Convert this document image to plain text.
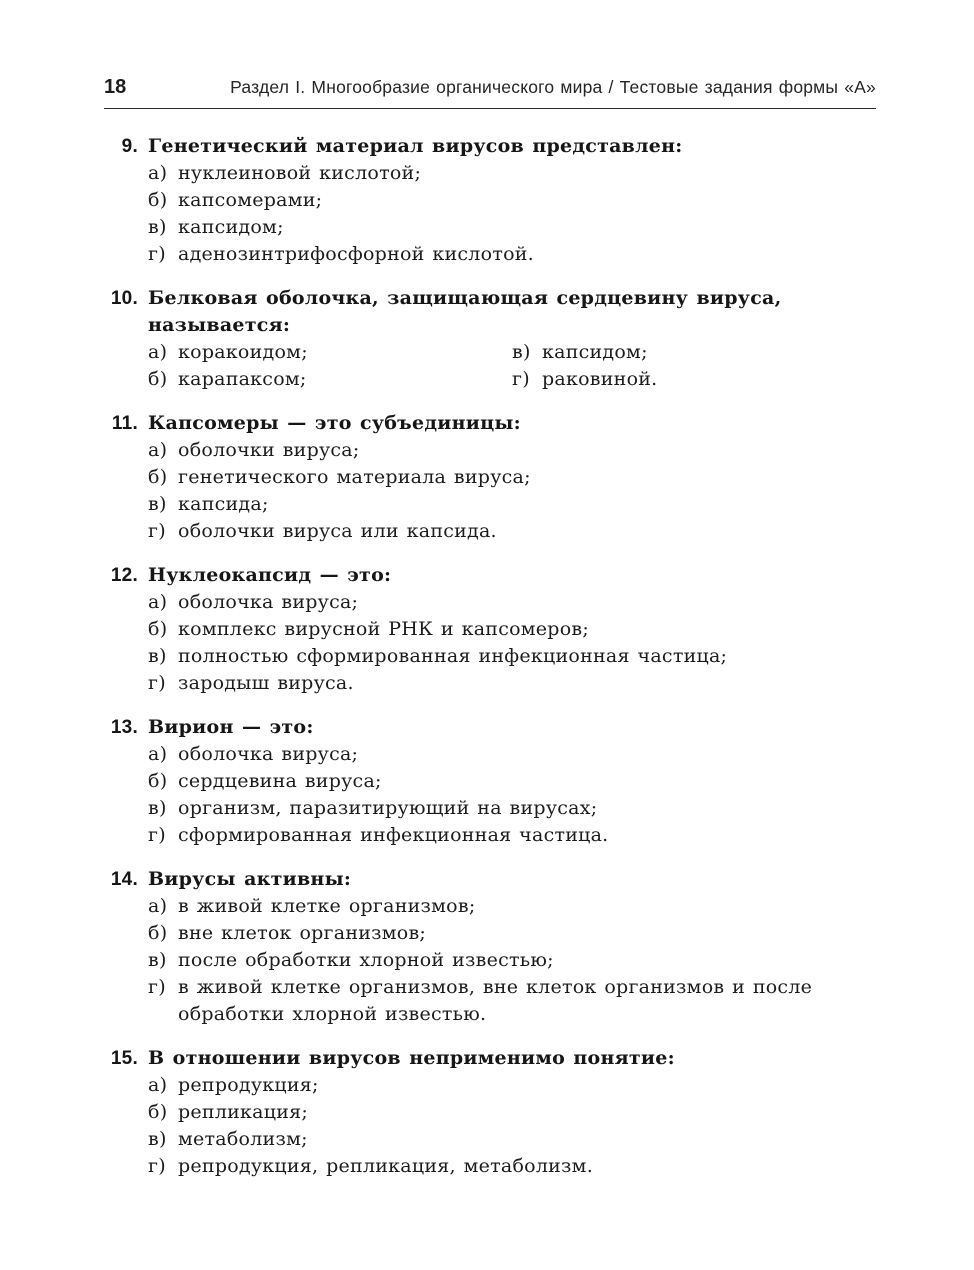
18	Раздел I. Многообразие органического мира / Тестовые задания формы «А»
9. Генетический материал вирусов представлен:

а) нуклеиновой кислотой;
б) капсомерами;
в) капсидом;
г) аденозинтрифосфорной кислотой.
10. Белковая оболочка, защищающая сердцевину вируса, называется:

а) коракоидом;
б) карапаксом;
в) капсидом;
г) раковиной.
11. Капсомеры — это субъединицы:

а) оболочки вируса;
б) генетического материала вируса;
в) капсида;
г) оболочки вируса или капсида.
12. Нуклеокапсид — это:

а) оболочка вируса;
б) комплекс вирусной РНК и капсомеров;
в) полностью сформированная инфекционная частица;
г) зародыш вируса.
13. Вирион — это:

а) оболочка вируса;
б) сердцевина вируса;
в) организм, паразитирующий на вирусах;
г) сформированная инфекционная частица.
14. Вирусы активны:

а) в живой клетке организмов;
б) вне клеток организмов;
в) после обработки хлорной известью;
г) в живой клетке организмов, вне клеток организмов и после обработки хлорной известью.
15. В отношении вирусов неприменимо понятие:

а) репродукция;
б) репликация;
в) метаболизм;
г) репродукция, репликация, метаболизм.
